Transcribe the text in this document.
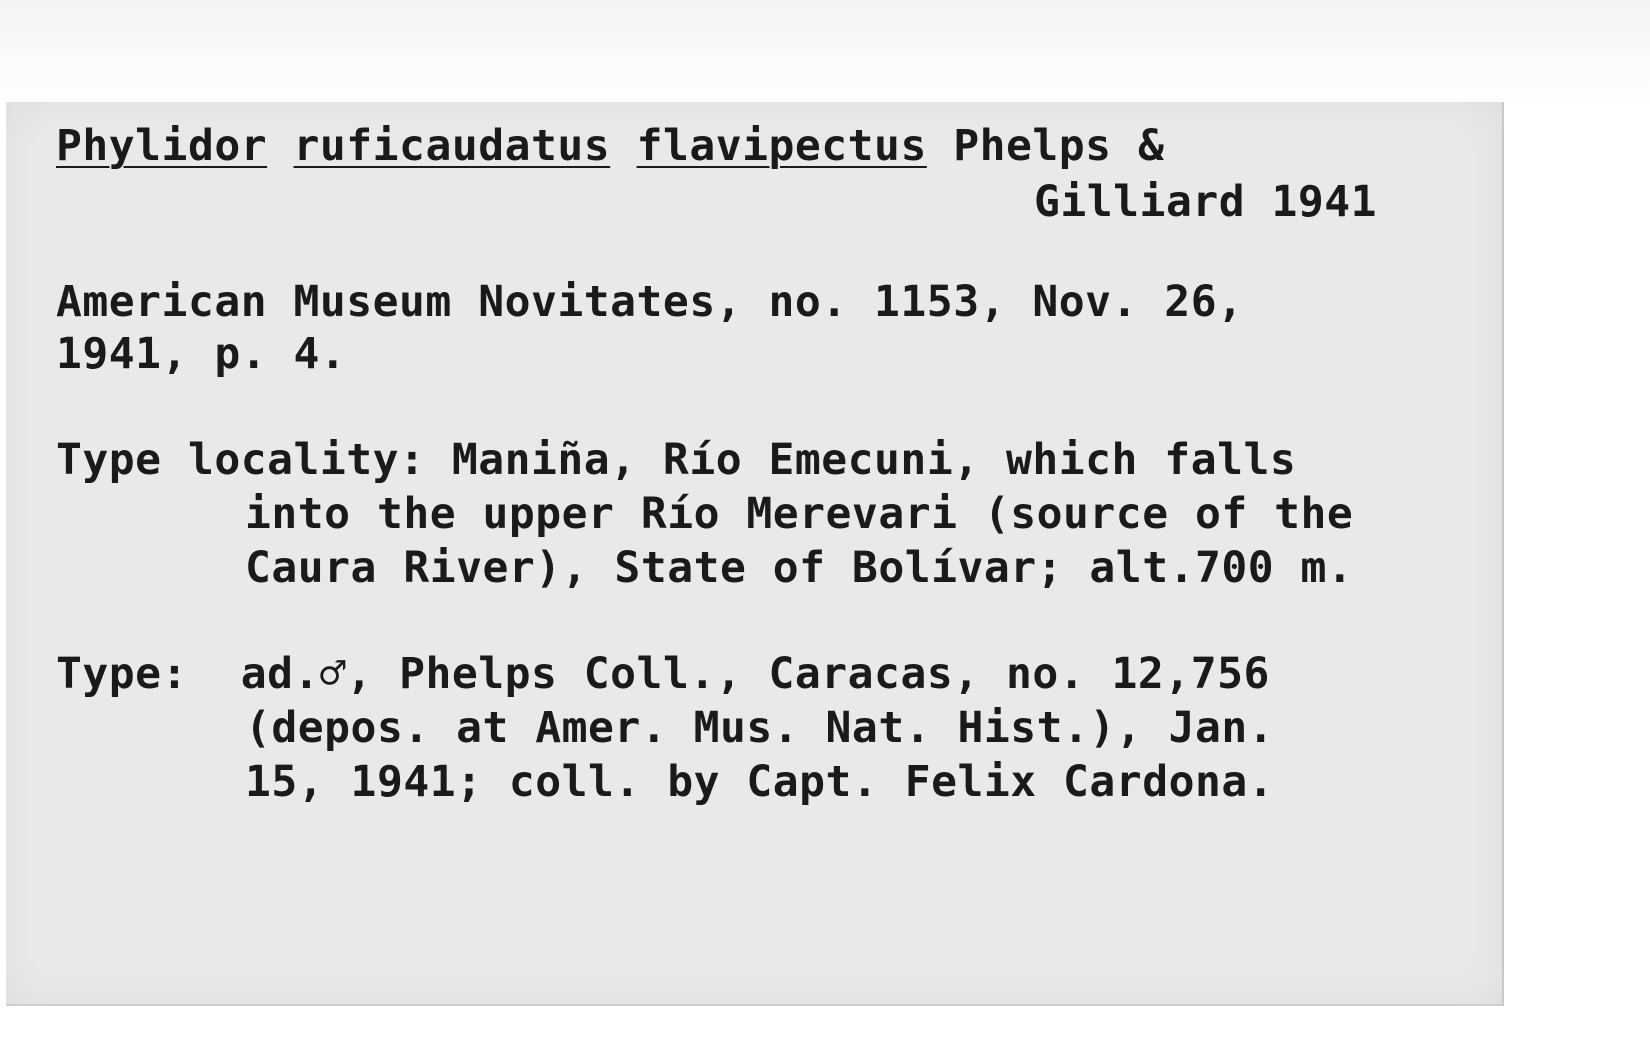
Phylidor ruficaudatus flavipectus Phelps &
Gilliard 1941
American Museum Novitates, no. 1153, Nov. 26,
1941, p. 4.
Type locality: Maniña, Río Emecuni, which falls
into the upper Río Merevari (source of the
Caura River), State of Bolívar; alt.700 m.
Type: ad.♂, Phelps Coll., Caracas, no. 12,756
(depos. at Amer. Mus. Nat. Hist.), Jan.
15, 1941; coll. by Capt. Felix Cardona.
